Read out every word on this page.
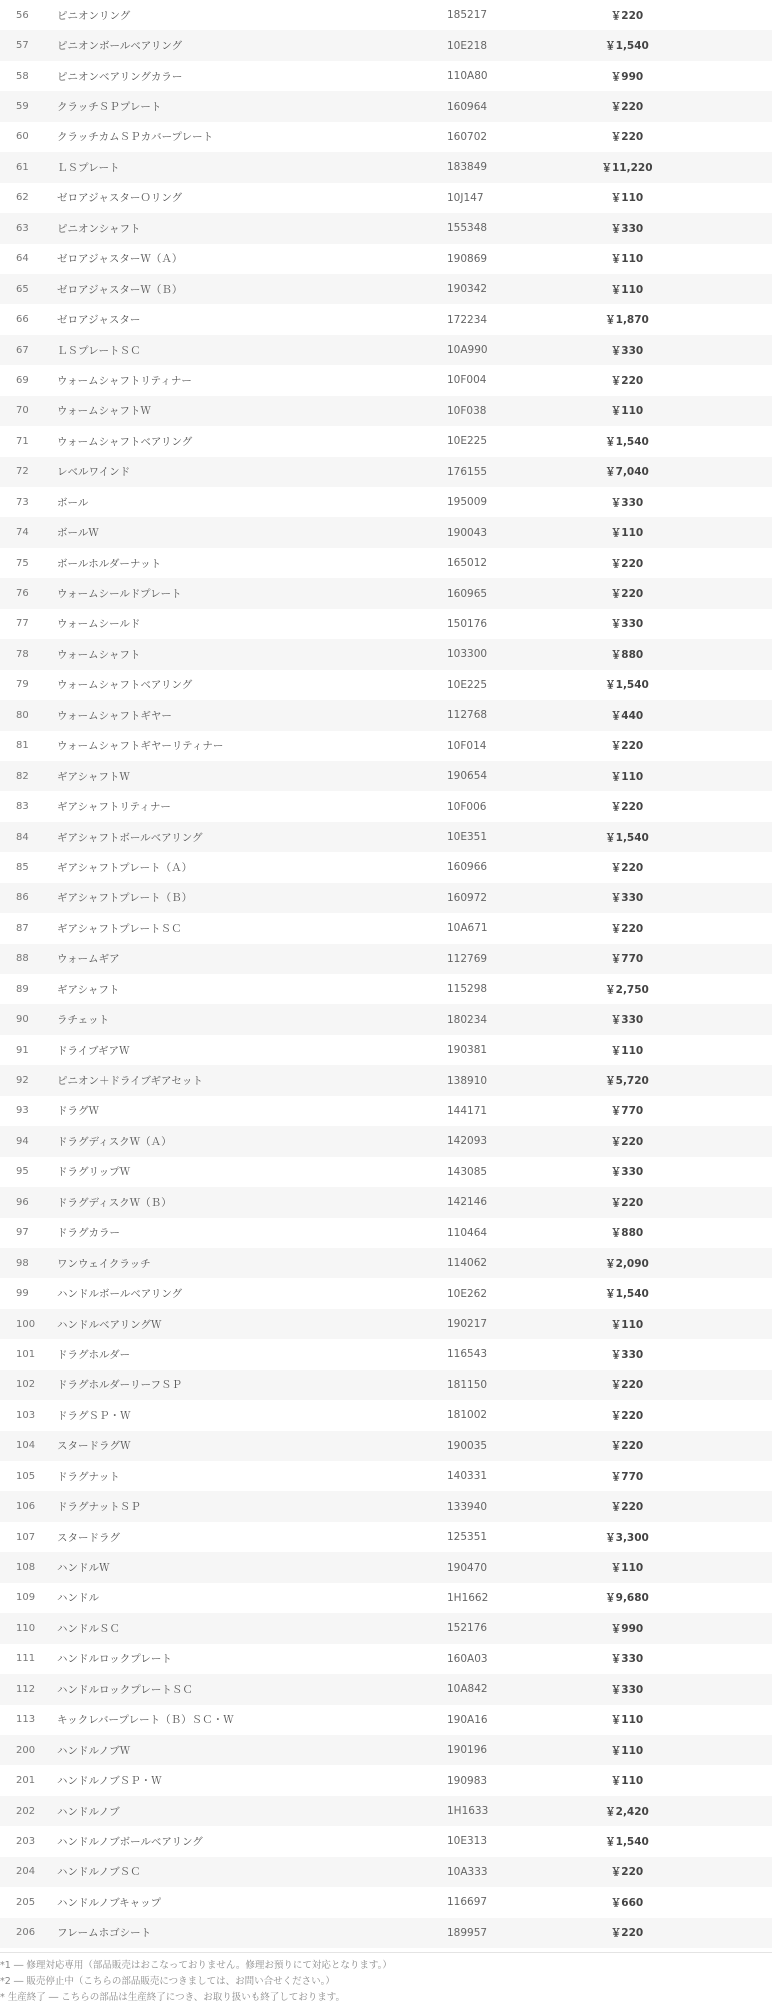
56	ピニオンリング	185217	￥220
57	ピニオンボールベアリング	10E218	￥1,540
58	ピニオンベアリングカラー	110A80	￥990
59	クラッチＳＰプレート	160964	￥220
60	クラッチカムＳＰカバープレート	160702	￥220
61	ＬＳプレート	183849	￥11,220
62	ゼロアジャスターＯリング	10J147	￥110
63	ピニオンシャフト	155348	￥330
64	ゼロアジャスターＷ（Ａ）	190869	￥110
65	ゼロアジャスターＷ（Ｂ）	190342	￥110
66	ゼロアジャスター	172234	￥1,870
67	ＬＳプレートＳＣ	10A990	￥330
69	ウォームシャフトリティナー	10F004	￥220
70	ウォームシャフトＷ	10F038	￥110
71	ウォームシャフトベアリング	10E225	￥1,540
72	レベルワインド	176155	￥7,040
73	ボール	195009	￥330
74	ボールＷ	190043	￥110
75	ボールホルダーナット	165012	￥220
76	ウォームシールドプレート	160965	￥220
77	ウォームシールド	150176	￥330
78	ウォームシャフト	103300	￥880
79	ウォームシャフトベアリング	10E225	￥1,540
80	ウォームシャフトギヤー	112768	￥440
81	ウォームシャフトギヤーリティナー	10F014	￥220
82	ギアシャフトＷ	190654	￥110
83	ギアシャフトリティナー	10F006	￥220
84	ギアシャフトボールベアリング	10E351	￥1,540
85	ギアシャフトプレート（Ａ）	160966	￥220
86	ギアシャフトプレート（Ｂ）	160972	￥330
87	ギアシャフトプレートＳＣ	10A671	￥220
88	ウォームギア	112769	￥770
89	ギアシャフト	115298	￥2,750
90	ラチェット	180234	￥330
91	ドライブギアＷ	190381	￥110
92	ピニオン＋ドライブギアセット	138910	￥5,720
93	ドラグＷ	144171	￥770
94	ドラグディスクＷ（Ａ）	142093	￥220
95	ドラグリップＷ	143085	￥330
96	ドラグディスクＷ（Ｂ）	142146	￥220
97	ドラグカラー	110464	￥880
98	ワンウェイクラッチ	114062	￥2,090
99	ハンドルボールベアリング	10E262	￥1,540
100	ハンドルベアリングＷ	190217	￥110
101	ドラグホルダー	116543	￥330
102	ドラグホルダーリーフＳＰ	181150	￥220
103	ドラグＳＰ・Ｗ	181002	￥220
104	スタードラグＷ	190035	￥220
105	ドラグナット	140331	￥770
106	ドラグナットＳＰ	133940	￥220
107	スタードラグ	125351	￥3,300
108	ハンドルＷ	190470	￥110
109	ハンドル	1H1662	￥9,680
110	ハンドルＳＣ	152176	￥990
111	ハンドルロックプレート	160A03	￥330
112	ハンドルロックプレートＳＣ	10A842	￥330
113	キックレバープレート（Ｂ）ＳＣ・Ｗ	190A16	￥110
200	ハンドルノブＷ	190196	￥110
201	ハンドルノブＳＰ・Ｗ	190983	￥110
202	ハンドルノブ	1H1633	￥2,420
203	ハンドルノブボールベアリング	10E313	￥1,540
204	ハンドルノブＳＣ	10A333	￥220
205	ハンドルノブキャップ	116697	￥660
206	フレームホゴシート	189957	￥220
*1 ― 修理対応専用（部品販売はおこなっておりません。修理お預りにて対応となります。）
*2 ― 販売停止中（こちらの部品販売につきましては、お問い合せください。）
* 生産終了 ― こちらの部品は生産終了につき、お取り扱いも終了しております。
